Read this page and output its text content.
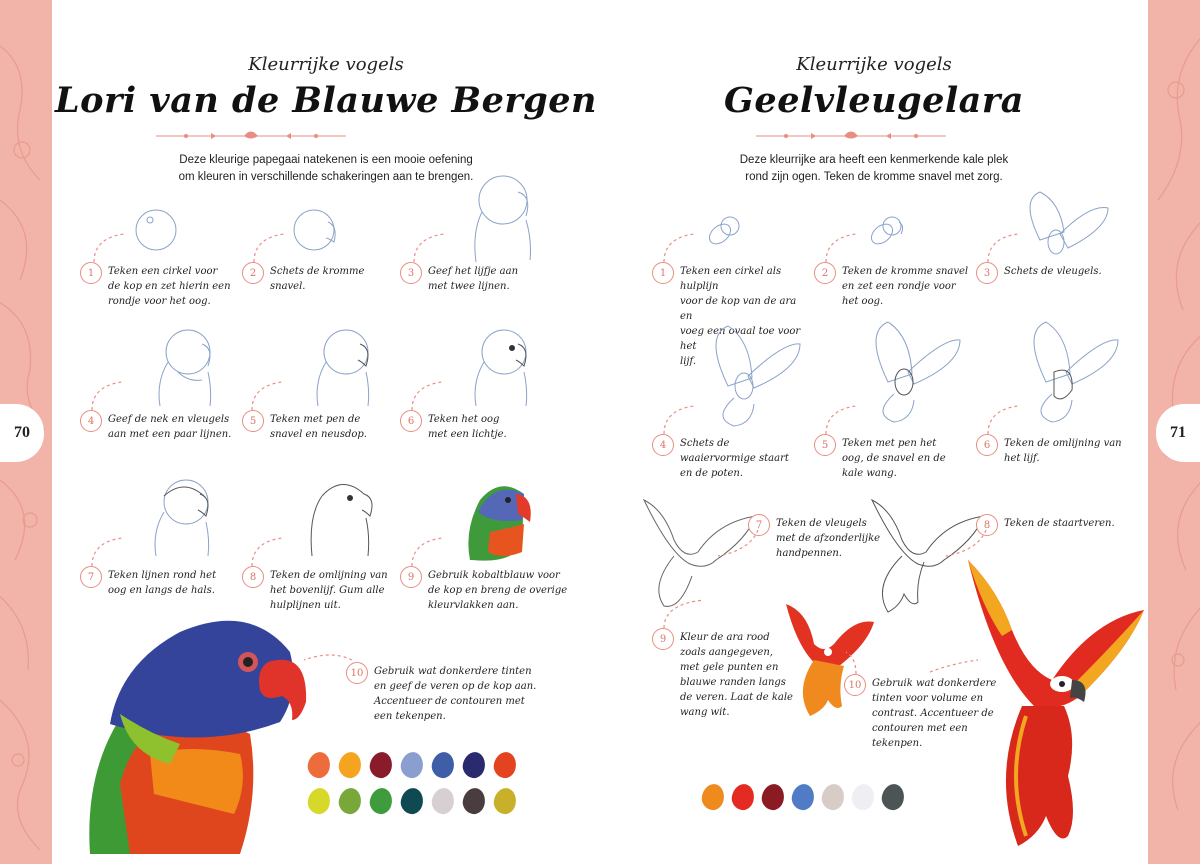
70	71
Kleurrijke vogels
Lori van de Blauwe Bergen
Deze kleurige papegaai natekenen is een mooie oefening
om kleuren in verschillende schakeringen aan te brengen.
1	Teken een cirkel voor
de kop en zet hierin een
rondje voor het oog.
2	Schets de kromme snavel.
3	Geef het lijfje aan
met twee lijnen.
4	Geef de nek en vleugels
aan met een paar lijnen.
5	Teken met pen de
snavel en neusdop.
6	Teken het oog
met een lichtje.
7	Teken lijnen rond het
oog en langs de hals.
8	Teken de omlijning van
het bovenlijf. Gum alle
hulplijnen uit.
9	Gebruik kobaltblauw voor
de kop en breng de overige
kleurvlakken aan.
10	Gebruik wat donkerdere tinten
en geef de veren op de kop aan.
Accentueer de contouren met
een tekenpen.
Kleurrijke vogels
Geelvleugelara
Deze kleurrijke ara heeft een kenmerkende kale plek
rond zijn ogen. Teken de kromme snavel met zorg.
1	Teken een cirkel als hulplijn
voor de kop van de ara en
voeg een ovaal toe voor het
lijf.
2	Teken de kromme snavel
en zet een rondje voor
het oog.
3	Schets de vleugels.
4	Schets de
waaiervormige staart
en de poten.
5	Teken met pen het
oog, de snavel en de
kale wang.
6	Teken de omlijning van
het lijf.
7	Teken de vleugels
met de afzonderlijke
handpennen.
8	Teken de staartveren.
9	Kleur de ara rood
zoals aangegeven,
met gele punten en
blauwe randen langs
de veren. Laat de kale
wang wit.
10	Gebruik wat donkerdere
tinten voor volume en
contrast. Accentueer de
contouren met een
tekenpen.
